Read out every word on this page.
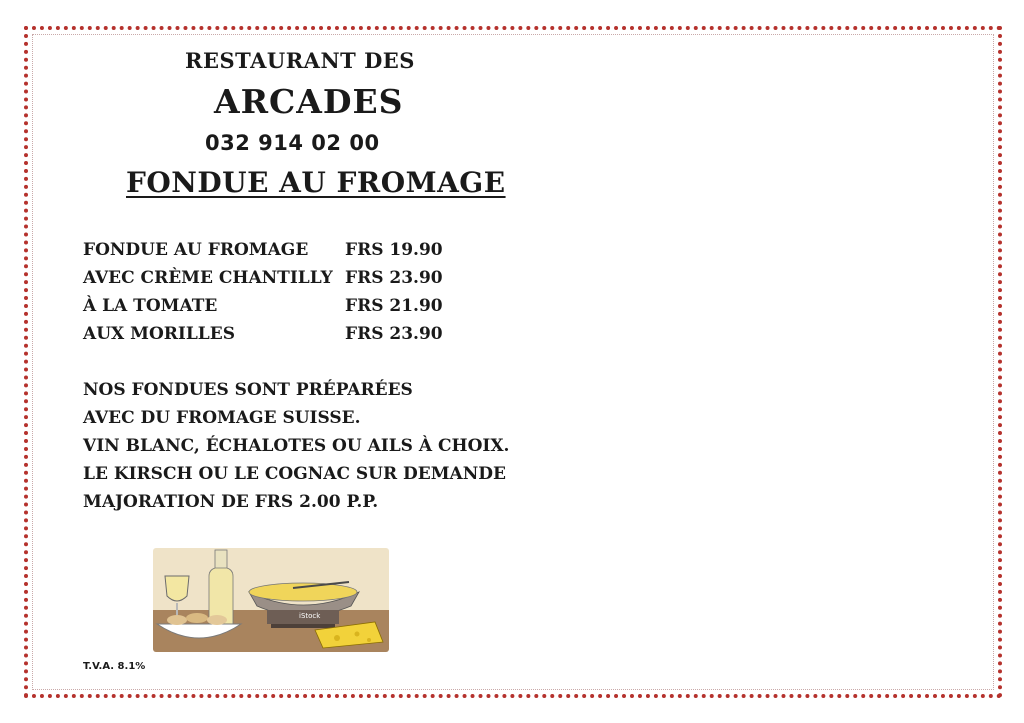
RESTAURANT DES
ARCADES
032 914 02 00
FONDUE AU FROMAGE
FONDUE AU FROMAGE	FRS 19.90
AVEC CRÈME CHANTILLY FRS 23.90
À LA TOMATE	FRS 21.90
AUX MORILLES	FRS 23.90
NOS FONDUES SONT PRÉPARÉES
AVEC DU FROMAGE SUISSE.
VIN BLANC, ÉCHALOTES OU AILS À CHOIX.
LE KIRSCH OU LE COGNAC SUR DEMANDE
MAJORATION DE FRS 2.00 P.P.
iStock
T.V.A. 8.1%
